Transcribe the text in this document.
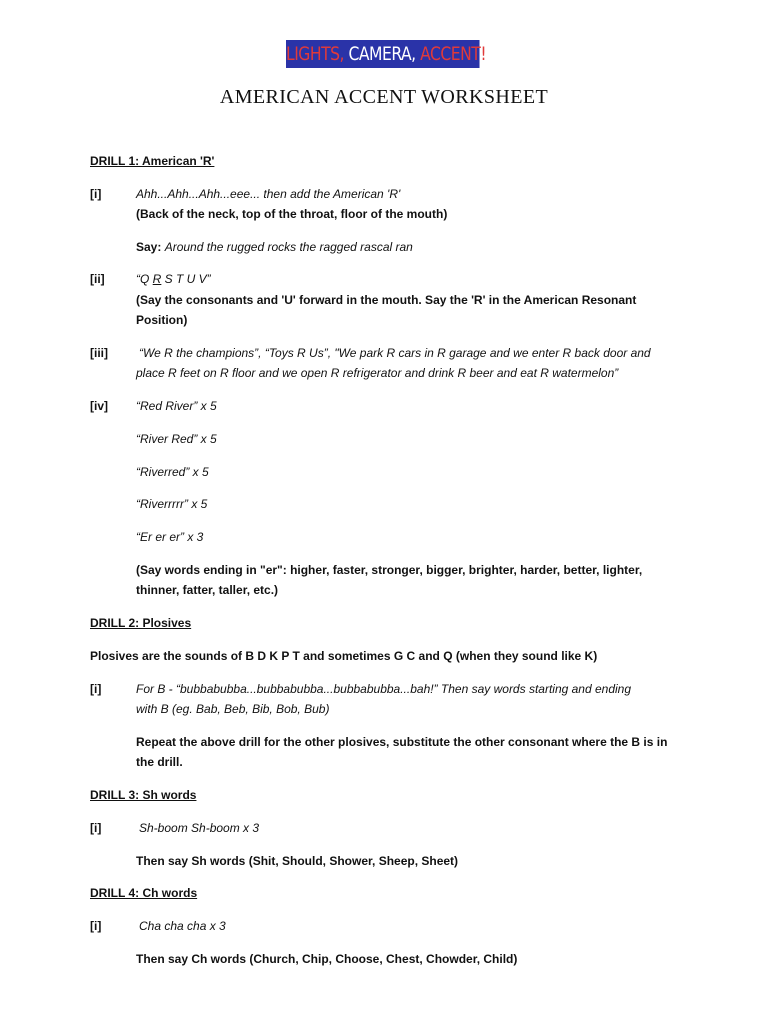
LIGHTS, CAMERA, ACCENT!
AMERICAN ACCENT WORKSHEET
DRILL 1: American 'R'
[i]	Ahh...Ahh...Ahh...eee... then add the American 'R'
(Back of the neck, top of the throat, floor of the mouth)
Say: Around the rugged rocks the ragged rascal ran
[ii]	“Q R S T U V”
(Say the consonants and 'U' forward in the mouth. Say the 'R' in the American Resonant
Position)
[iii]	“We R the champions”, “Toys R Us”, "We park R cars in R garage and we enter R back door and
place R feet on R floor and we open R refrigerator and drink R beer and eat R watermelon”
[iv] “Red River” x 5
“River Red” x 5
“Riverred” x 5
“Riverrrrr” x 5
“Er er er” x 3
(Say words ending in "er": higher, faster, stronger, bigger, brighter, harder, better, lighter,
thinner, fatter, taller, etc.)
DRILL 2: Plosives
Plosives are the sounds of B D K P T and sometimes G C and Q (when they sound like K)
[i]	For B - “bubbabubba...bubbabubba...bubbabubba...bah!” Then say words starting and ending
with B (eg. Bab, Beb, Bib, Bob, Bub)
Repeat the above drill for the other plosives, substitute the other consonant where the B is in
the drill.
DRILL 3: Sh words
[i]	Sh-boom Sh-boom x 3
Then say Sh words (Shit, Should, Shower, Sheep, Sheet)
DRILL 4: Ch words
[i]	Cha cha cha x 3
Then say Ch words (Church, Chip, Choose, Chest, Chowder, Child)
